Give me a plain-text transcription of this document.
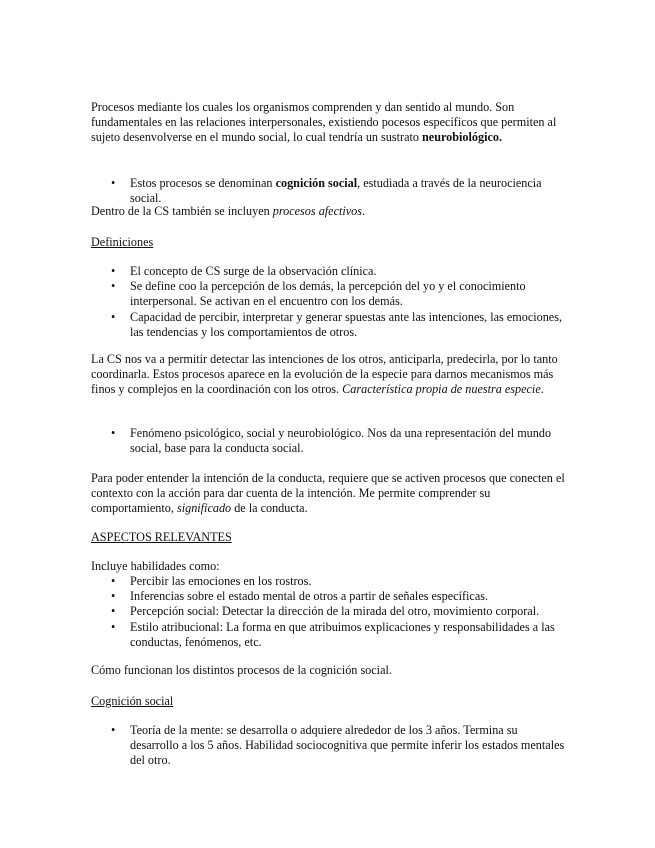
Procesos mediante los cuales los organismos comprenden y dan sentido al mundo. Son fundamentales en las relaciones interpersonales, existiendo pocesos específicos que permiten al sujeto desenvolverse en el mundo social, lo cual tendría un sustrato neurobiológico.

• Estos procesos se denominan cognición social, estudiada a través de la neurociencia social.

Dentro de la CS también se incluyen procesos afectivos.

Definiciones

• El concepto de CS surge de la observación clínica.
• Se define coo la percepción de los demás, la percepción del yo y el conocimiento interpersonal. Se activan en el encuentro con los demás.
• Capacidad de percibir, interpretar y generar spuestas ante las intenciones, las emociones, las tendencias y los comportamientos de otros.

La CS nos va a permitir detectar las intenciones de los otros, anticiparla, predecirla, por lo tanto coordinarla. Estos procesos aparece en la evolución de la especie para darnos mecanismos más finos y complejos en la coordinación con los otros. Característica propia de nuestra especie.

• Fenómeno psicológico, social y neurobiológico. Nos da una representación del mundo social, base para la conducta social.

Para poder entender la intención de la conducta, requiere que se activen procesos que conecten el contexto con la acción para dar cuenta de la intención. Me permite comprender su comportamiento, significado de la conducta.

ASPECTOS RELEVANTES

Incluye habilidades como:

• Percibir las emociones en los rostros.
• Inferencias sobre el estado mental de otros a partir de señales específicas.
• Percepción social: Detectar la dirección de la mirada del otro, movimiento corporal.
• Estilo atribucional: La forma en que atribuimos explicaciones y responsabilidades a las conductas, fenómenos, etc.

Cómo funcionan los distintos procesos de la cognición social.

Cognición social

• Teoría de la mente: se desarrolla o adquiere alrededor de los 3 años. Termina su desarrollo a los 5 años. Habilidad sociocognitiva que permite inferir los estados mentales del otro.
